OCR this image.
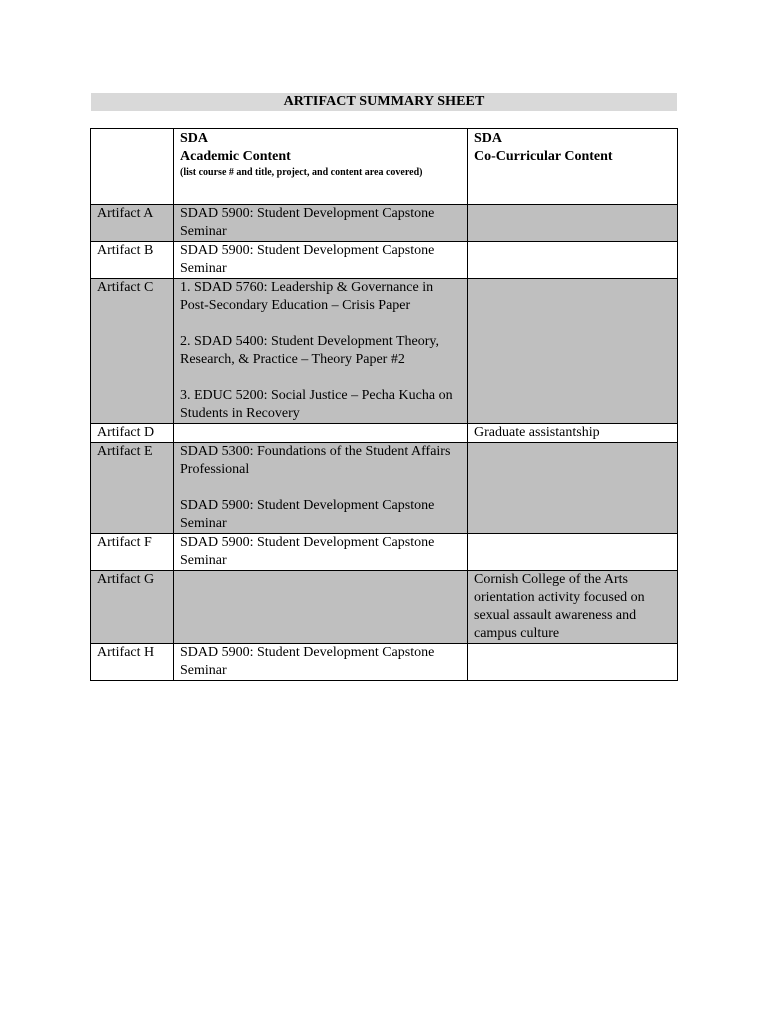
ARTIFACT SUMMARY SHEET

	SDA
Academic Content
(list course # and title, project, and content area covered)	SDA
Co-Curricular Content

Artifact A	SDAD 5900: Student Development Capstone Seminar	

Artifact B	SDAD 5900: Student Development Capstone Seminar	

Artifact C	1. SDAD 5760: Leadership & Governance in Post-Secondary Education – Crisis Paper
2. SDAD 5400: Student Development Theory, Research, & Practice – Theory Paper #2
3. EDUC 5200: Social Justice – Pecha Kucha on Students in Recovery	

Artifact D		Graduate assistantship
Artifact E	SDAD 5300: Foundations of the Student Affairs Professional
SDAD 5900: Student Development Capstone Seminar	

Artifact F	SDAD 5900: Student Development Capstone Seminar	

Artifact G		Cornish College of the Arts orientation activity focused on sexual assault awareness and campus culture
Artifact H	SDAD 5900: Student Development Capstone Seminar	
